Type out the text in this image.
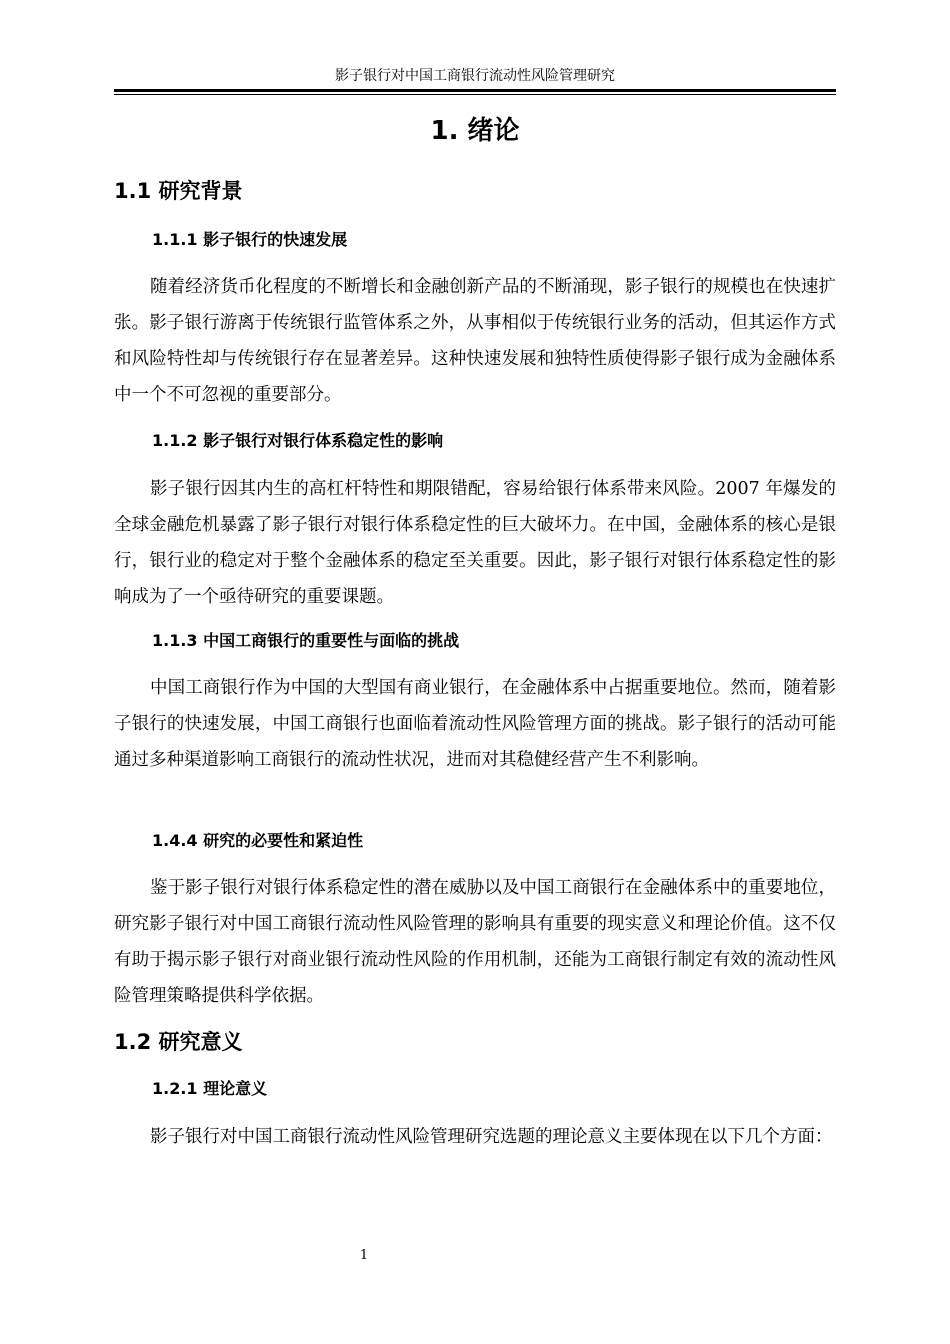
影子银行对中国工商银行流动性风险管理研究
1. 绪论
1.1 研究背景
1.1.1 影子银行的快速发展

随着经济货币化程度的不断增长和金融创新产品的不断涌现，影子银行的规模也在快速扩张。影子银行游离于传统银行监管体系之外，从事相似于传统银行业务的活动，但其运作方式和风险特性却与传统银行存在显著差异。这种快速发展和独特性质使得影子银行成为金融体系中一个不可忽视的重要部分。

1.1.2 影子银行对银行体系稳定性的影响

影子银行因其内生的高杠杆特性和期限错配，容易给银行体系带来风险。2007 年爆发的全球金融危机暴露了影子银行对银行体系稳定性的巨大破坏力。在中国，金融体系的核心是银行，银行业的稳定对于整个金融体系的稳定至关重要。因此，影子银行对银行体系稳定性的影响成为了一个亟待研究的重要课题。

1.1.3 中国工商银行的重要性与面临的挑战

中国工商银行作为中国的大型国有商业银行，在金融体系中占据重要地位。然而，随着影子银行的快速发展，中国工商银行也面临着流动性风险管理方面的挑战。影子银行的活动可能通过多种渠道影响工商银行的流动性状况，进而对其稳健经营产生不利影响。

1.4.4 研究的必要性和紧迫性

鉴于影子银行对银行体系稳定性的潜在威胁以及中国工商银行在金融体系中的重要地位，研究影子银行对中国工商银行流动性风险管理的影响具有重要的现实意义和理论价值。这不仅有助于揭示影子银行对商业银行流动性风险的作用机制，还能为工商银行制定有效的流动性风险管理策略提供科学依据。

1.2 研究意义
1.2.1 理论意义

影子银行对中国工商银行流动性风险管理研究选题的理论意义主要体现在以下几个方面：

1
